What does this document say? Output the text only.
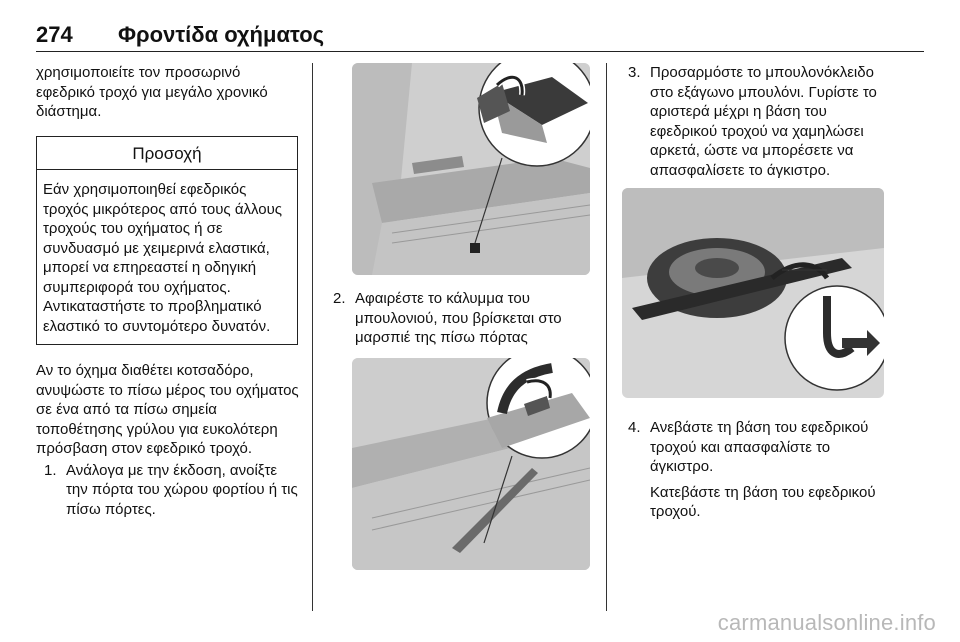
274 Φροντίδα οχήματος

χρησιμοποιείτε τον προσωρινό εφεδρικό τροχό για μεγάλο χρονικό διάστημα.

Προσοχή
Εάν χρησιμοποιηθεί εφεδρικός τροχός μικρότερος από τους άλλους τροχούς του οχήματος ή σε συνδυασμό με χειμερινά ελαστικά, μπορεί να επηρεαστεί η οδηγική συμπεριφορά του οχήματος. Αντικαταστήστε το προβληματικό ελαστικό το συντομότερο δυνατόν.

Αν το όχημα διαθέτει κοτσαδόρο, ανυψώστε το πίσω μέρος του οχήματος σε ένα από τα πίσω σημεία τοποθέτησης γρύλου για ευκολότερη πρόσβαση στον εφεδρικό τροχό.

1. Ανάλογα με την έκδοση, ανοίξτε την πόρτα του χώρου φορτίου ή τις πίσω πόρτες.
2. Αφαιρέστε το κάλυμμα του μπουλονιού, που βρίσκεται στο μαρσπιέ της πίσω πόρτας
3. Προσαρμόστε το μπουλονόκλειδο στο εξάγωνο μπουλόνι. Γυρίστε το αριστερά μέχρι η βάση του εφεδρικού τροχού να χαμηλώσει αρκετά, ώστε να μπορέσετε να απασφαλίσετε το άγκιστρο.
4. Ανεβάστε τη βάση του εφεδρικού τροχού και απασφαλίστε το άγκιστρο.

Κατεβάστε τη βάση του εφεδρικού τροχού.

carmanualsonline.info
